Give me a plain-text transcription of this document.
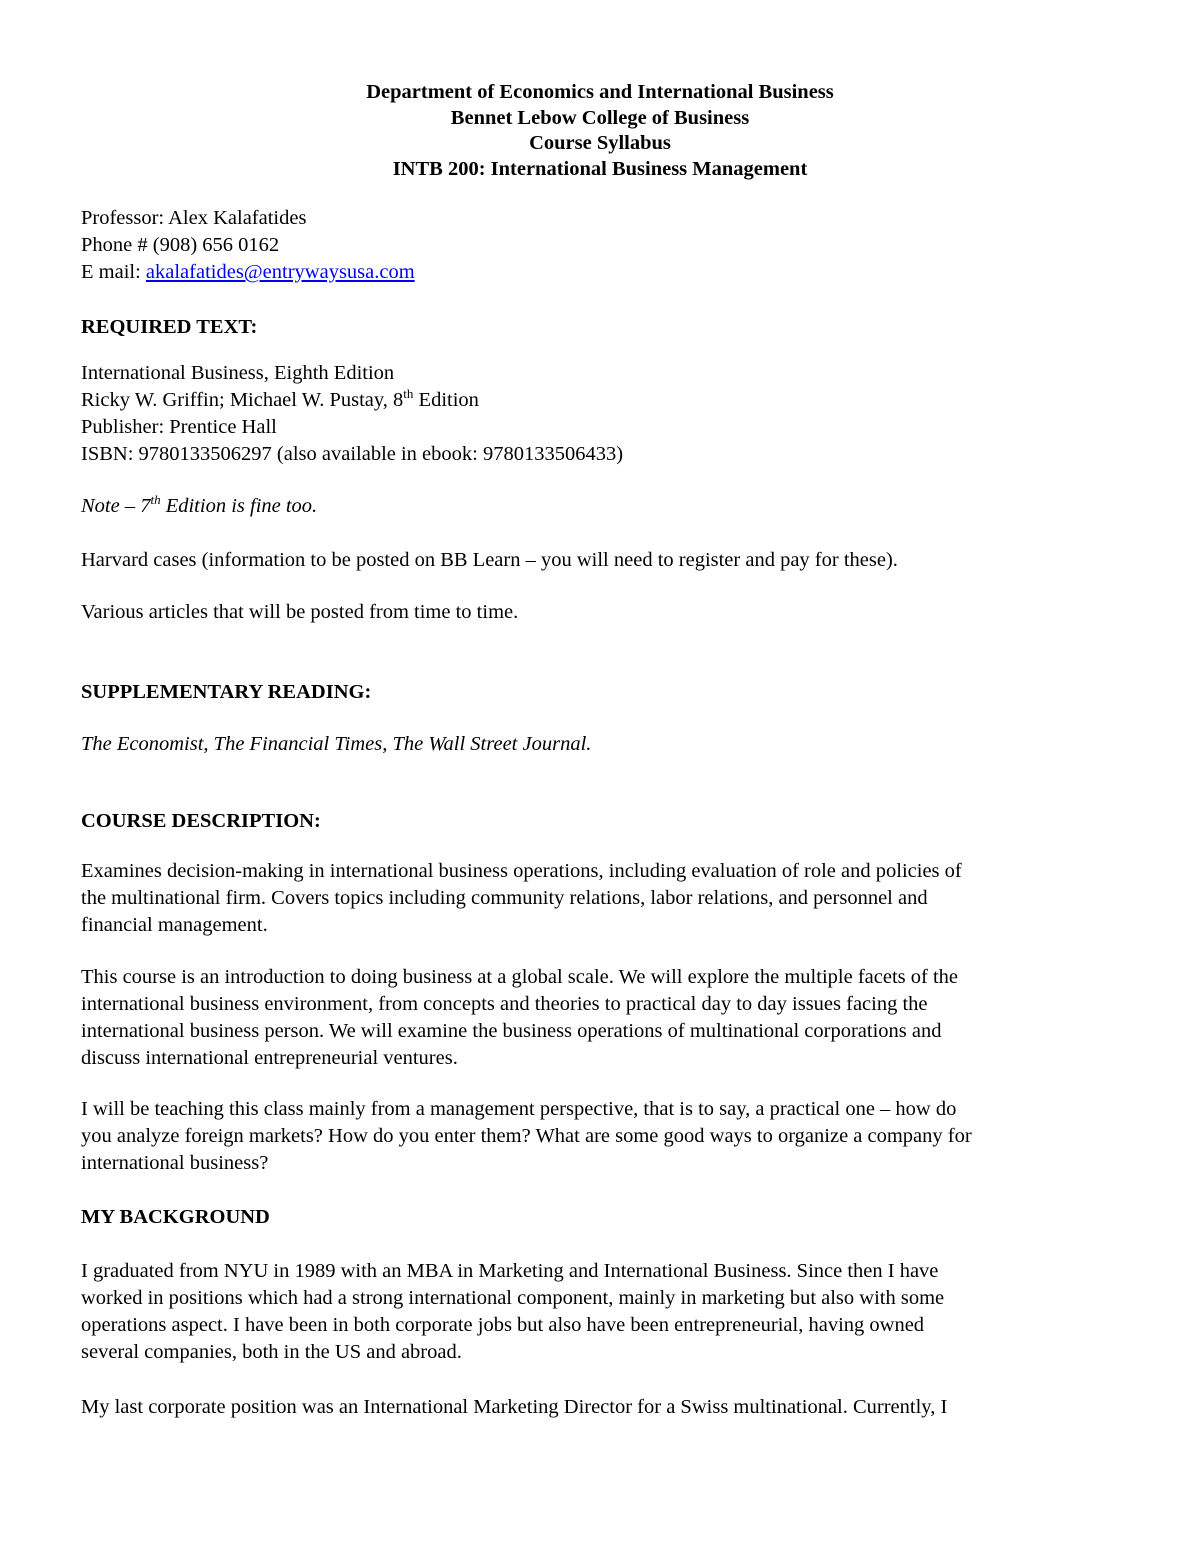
Department of Economics and International Business
Bennet Lebow College of Business
Course Syllabus
INTB 200: International Business Management
Professor: Alex Kalafatides
Phone # (908) 656 0162
E mail: akalafatides@entrywaysusa.com
REQUIRED TEXT:
International Business, Eighth Edition
Ricky W. Griffin; Michael W. Pustay, 8th Edition
Publisher: Prentice Hall
ISBN: 9780133506297 (also available in ebook: 9780133506433)
Note – 7th Edition is fine too.
Harvard cases (information to be posted on BB Learn – you will need to register and pay for these).
Various articles that will be posted from time to time.
SUPPLEMENTARY READING:
The Economist, The Financial Times, The Wall Street Journal.
COURSE DESCRIPTION:
Examines decision-making in international business operations, including evaluation of role and policies of
the multinational firm. Covers topics including community relations, labor relations, and personnel and
financial management.
This course is an introduction to doing business at a global scale. We will explore the multiple facets of the
international business environment, from concepts and theories to practical day to day issues facing the
international business person. We will examine the business operations of multinational corporations and
discuss international entrepreneurial ventures.
I will be teaching this class mainly from a management perspective, that is to say, a practical one – how do
you analyze foreign markets? How do you enter them? What are some good ways to organize a company for
international business?
MY BACKGROUND
I graduated from NYU in 1989 with an MBA in Marketing and International Business. Since then I have
worked in positions which had a strong international component, mainly in marketing but also with some
operations aspect. I have been in both corporate jobs but also have been entrepreneurial, having owned
several companies, both in the US and abroad.
My last corporate position was an International Marketing Director for a Swiss multinational. Currently, I
